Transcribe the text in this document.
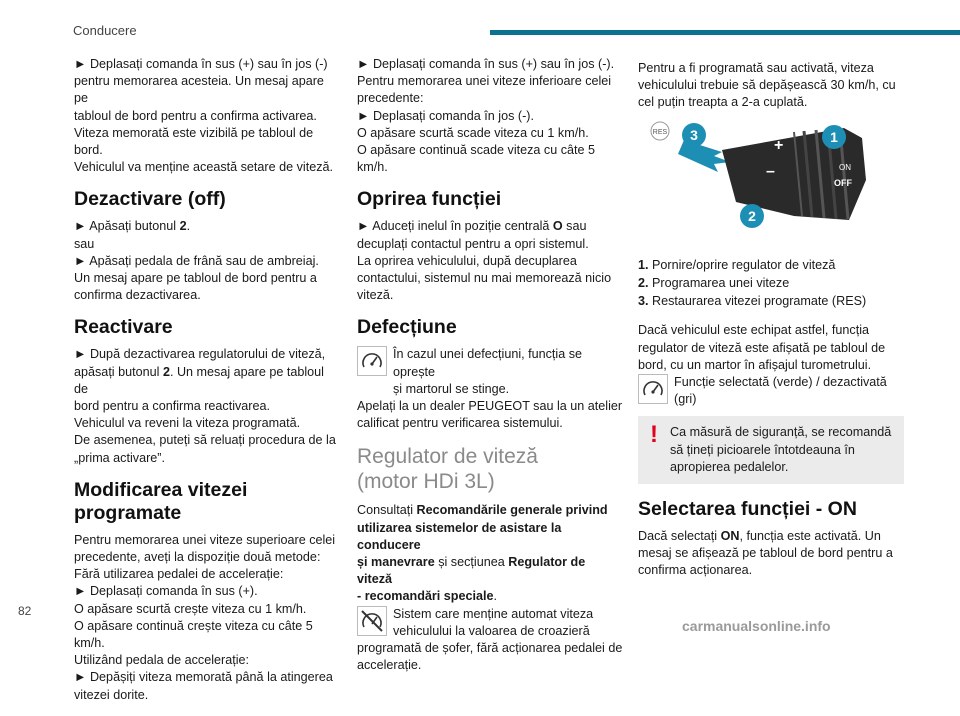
Conducere

► Deplasați comanda în sus (+) sau în jos (-)
pentru memorarea acesteia. Un mesaj apare pe
tabloul de bord pentru a confirma activarea.
Viteza memorată este vizibilă pe tabloul de bord.
Vehiculul va menține această setare de viteză.

Dezactivare (off)

► Apăsați butonul 2.
sau
► Apăsați pedala de frână sau de ambreiaj.
Un mesaj apare pe tabloul de bord pentru a
confirma dezactivarea.

Reactivare

► După dezactivarea regulatorului de viteză,
apăsați butonul 2. Un mesaj apare pe tabloul de
bord pentru a confirma reactivarea.
Vehiculul va reveni la viteza programată.
De asemenea, puteți să reluați procedura de la
„prima activare”.

Modificarea vitezei
programate

Pentru memorarea unei viteze superioare celei
precedente, aveți la dispoziție două metode:
Fără utilizarea pedalei de accelerație:
► Deplasați comanda în sus (+).
O apăsare scurtă crește viteza cu 1 km/h.
O apăsare continuă crește viteza cu câte 5 km/h.
Utilizând pedala de accelerație:
► Depășiți viteza memorată până la atingerea
vitezei dorite.

► Deplasați comanda în sus (+) sau în jos (-).
Pentru memorarea unei viteze inferioare celei
precedente:
► Deplasați comanda în jos (-).
O apăsare scurtă scade viteza cu 1 km/h.
O apăsare continuă scade viteza cu câte 5 km/h.

Oprirea funcției

► Aduceți inelul în poziție centrală O sau
decuplați contactul pentru a opri sistemul.
La oprirea vehiculului, după decuplarea
contactului, sistemul nu mai memorează nicio
viteză.

Defecțiune
În cazul unei defecțiuni, funcția se oprește
și martorul se stinge.

Apelați la un dealer PEUGEOT sau la un atelier
calificat pentru verificarea sistemului.

Regulator de viteză
(motor HDi 3L)

Consultați Recomandările generale privind
utilizarea sistemelor de asistare la conducere
și manevrare și secțiunea Regulator de viteză
- recomandări speciale.

Sistem care menține automat viteza
vehiculului la valoarea de croazieră

programată de șofer, fără acționarea pedalei de
accelerație.

Pentru a fi programată sau activată, viteza
vehiculului trebuie să depășească 30 km/h, cu
cel puțin treapta a 2-a cuplată.

RES
+
–	ON
OFF
3	1
2
1. Pornire/oprire regulator de viteză
2. Programarea unei viteze
3. Restaurarea vitezei programate (RES)

Dacă vehiculul este echipat astfel, funcția
regulator de viteză este afișată pe tabloul de
bord, cu un martor în afișajul turometrului.

Funcție selectată (verde) / dezactivată
(gri)
! Ca măsură de siguranță, se recomandă
să țineți picioarele întotdeauna în
apropierea pedalelor.
Selectarea funcției - ON

Dacă selectați ON, funcția este activată. Un
mesaj se afișează pe tabloul de bord pentru a
confirma acționarea.

82
carmanualsonline.info
